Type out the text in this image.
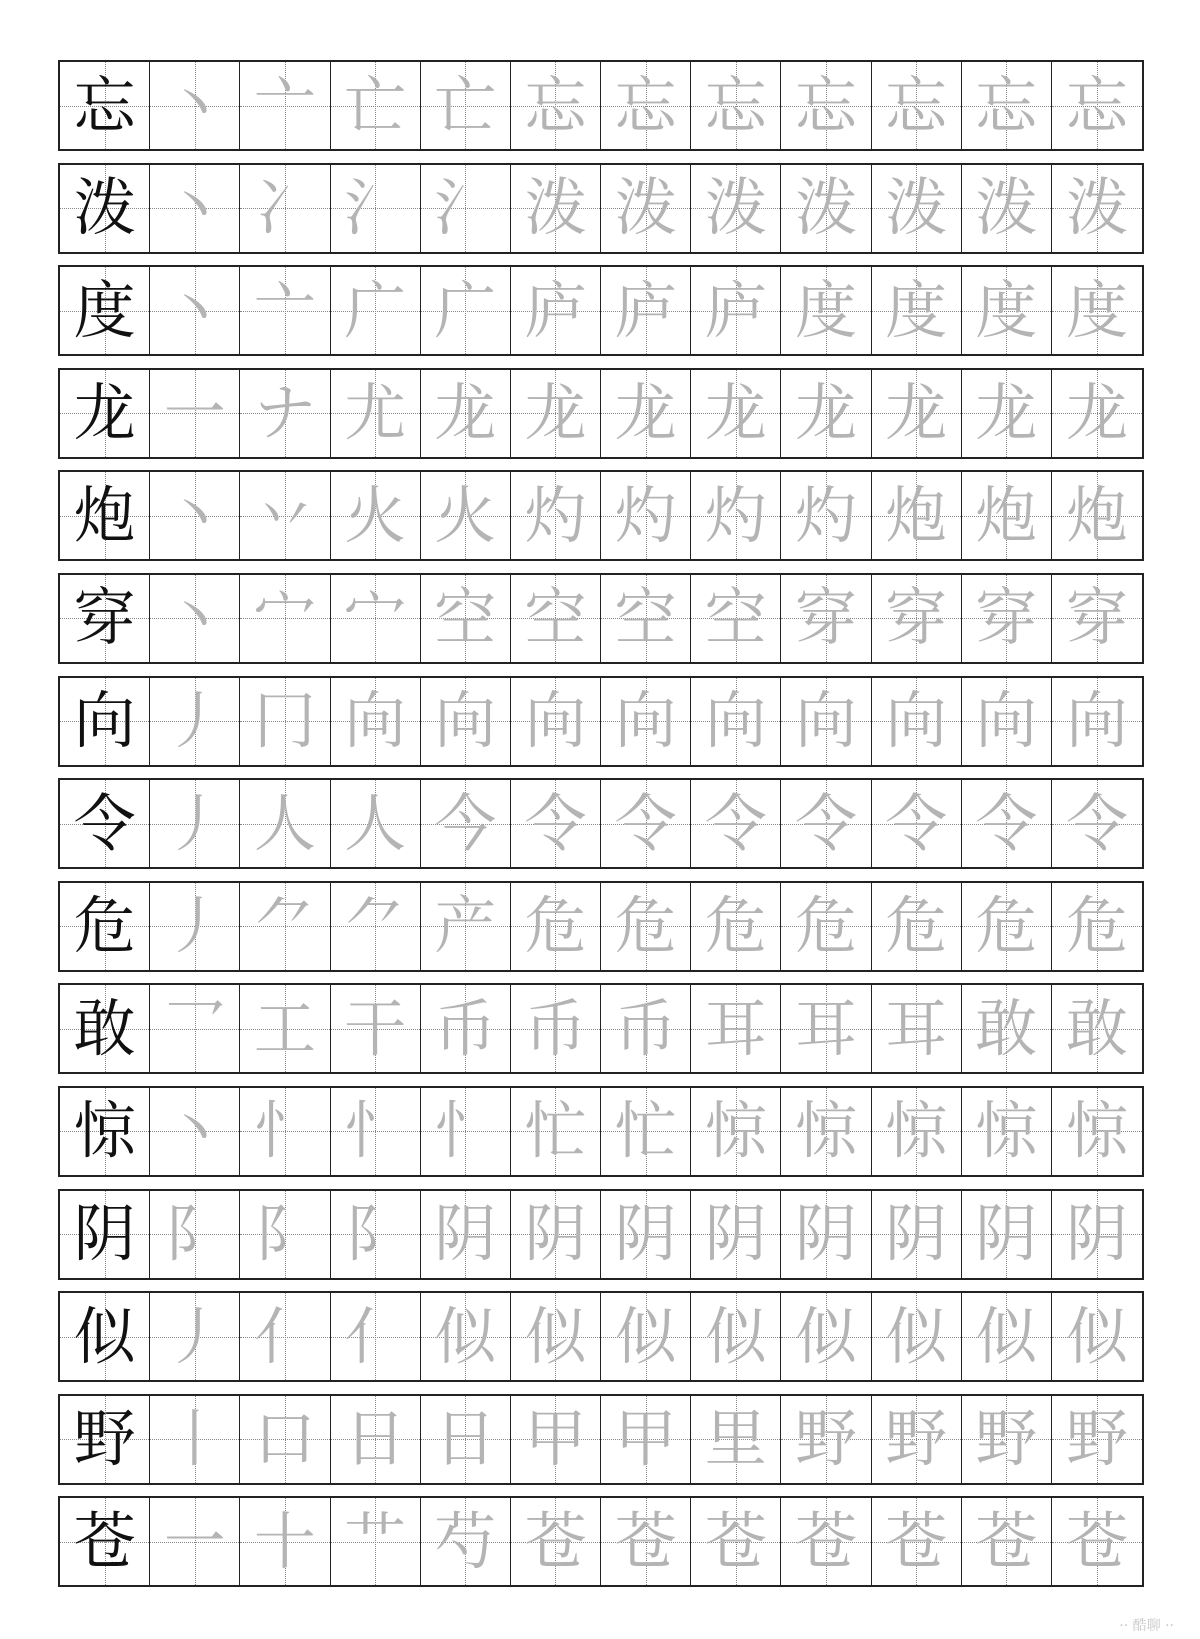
忘 丶 亠 亡 亡 忘 忘 忘 忘 忘 忘 忘
泼 丶 冫 氵 氵 泼 泼 泼 泼 泼 泼 泼
度 丶 亠 广 广 庐 庐 庐 度 度 度 度
龙 一 ナ 尤 龙 龙 龙 龙 龙 龙 龙 龙
炮 丶 丷 火 火 灼 灼 灼 灼 炮 炮 炮
穿 丶 宀 宀 空 空 空 空 穿 穿 穿 穿
向 丿 冂 向 向 向 向 向 向 向 向 向
令 丿 人 人 今 令 令 令 令 令 令 令
危 丿 ⺈ ⺈ 产 危 危 危 危 危 危 危
敢 乛 工 干 币 币 币 耳 耳 耳 敢 敢
惊 丶 忄 忄 忄 忙 忙 惊 惊 惊 惊 惊
阴 阝 阝 阝 阴 阴 阴 阴 阴 阴 阴 阴
似 丿 亻 亻 似 似 似 似 似 似 似 似
野 丨 口 日 日 甲 甲 里 野 野 野 野
苍 一 十 艹 芍 苍 苍 苍 苍 苍 苍 苍
·· 酷聊 ··
